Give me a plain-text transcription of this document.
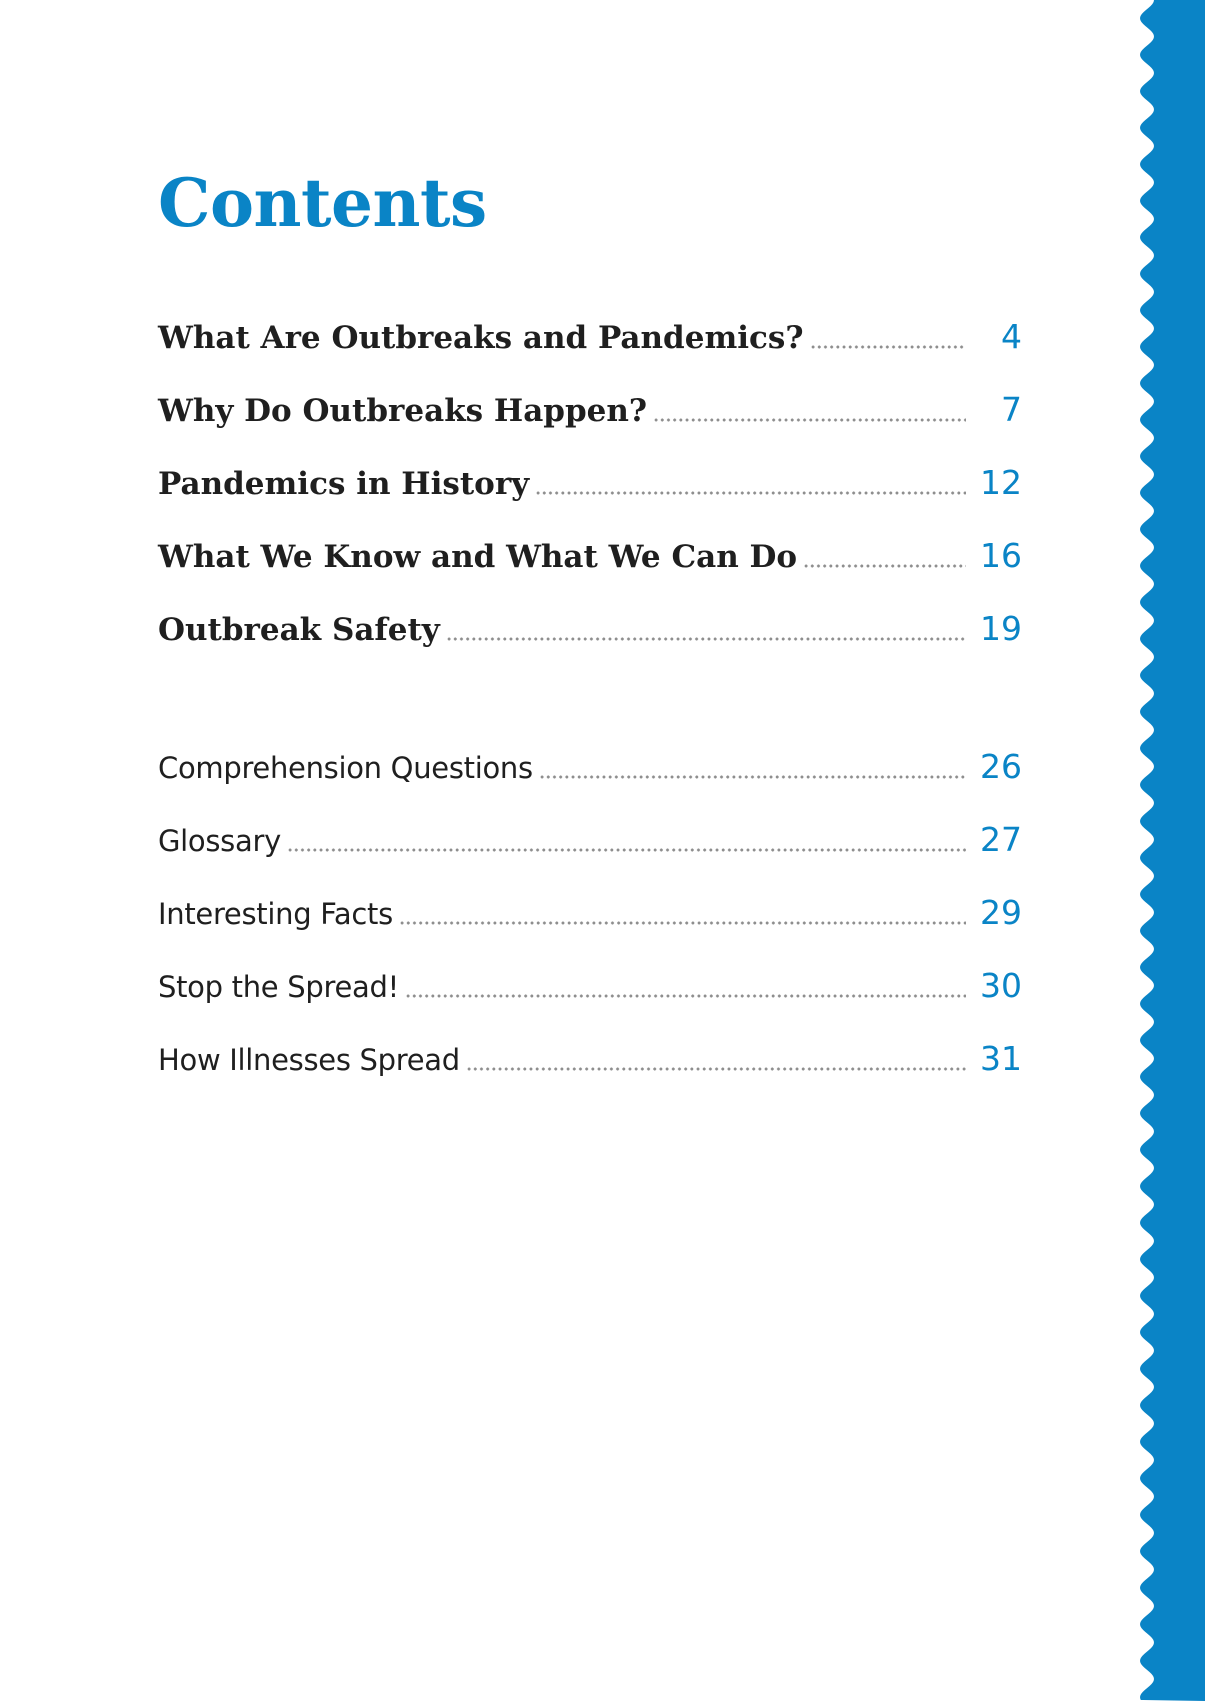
Contents
What Are Outbreaks and Pandemics?	4
Why Do Outbreaks Happen?	7
Pandemics in History	12
What We Know and What We Can Do	16
Outbreak Safety	19
Comprehension Questions	26
Glossary	27
Interesting Facts	29
Stop the Spread!	30
How Illnesses Spread	31
